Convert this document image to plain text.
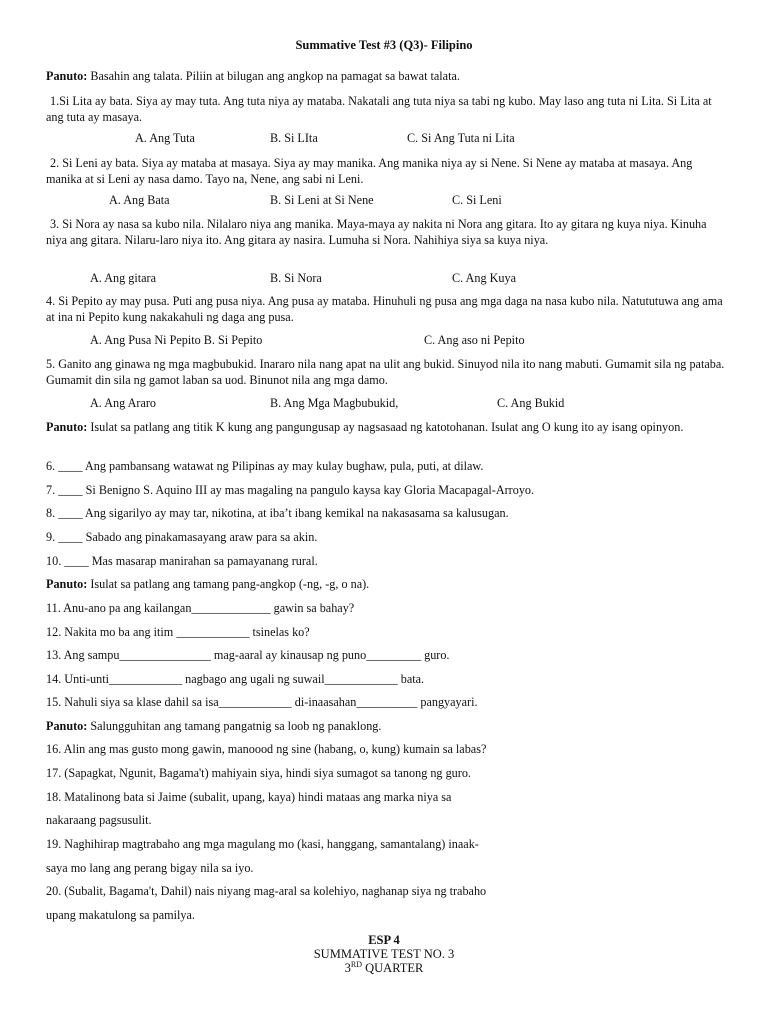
Summative Test #3 (Q3)- Filipino
Panuto: Basahin ang talata. Piliin at bilugan ang angkop na pamagat sa bawat talata.
1.Si Lita ay bata. Siya ay may tuta. Ang tuta niya ay mataba. Nakatali ang tuta niya sa tabi ng kubo. May laso ang tuta ni Lita. Si Lita at ang tuta ay masaya.
A. Ang Tuta	B. Si LIta	C. Si Ang Tuta ni Lita
2. Si Leni ay bata. Siya ay mataba at masaya. Siya ay may manika. Ang manika niya ay si Nene. Si Nene ay mataba at masaya. Ang manika at si Leni ay nasa damo. Tayo na, Nene, ang sabi ni Leni.
A. Ang Bata	B. Si Leni at Si Nene	C. Si Leni
3. Si Nora ay nasa sa kubo nila. Nilalaro niya ang manika. Maya-maya ay nakita ni Nora ang gitara. Ito ay gitara ng kuya niya. Kinuha niya ang gitara. Nilaru-laro niya ito. Ang gitara ay nasira. Lumuha si Nora. Nahihiya siya sa kuya niya.
A. Ang gitara	B. Si Nora	C. Ang Kuya
4. Si Pepito ay may pusa. Puti ang pusa niya. Ang pusa ay mataba. Hinuhuli ng pusa ang mga daga na nasa kubo nila. Natututuwa ang ama at ina ni Pepito kung nakakahuli ng daga ang pusa.
A. Ang Pusa Ni Pepito B. Si Pepito	C. Ang aso ni Pepito
5. Ganito ang ginawa ng mga magbubukid. Inararo nila nang apat na ulit ang bukid. Sinuyod nila ito nang mabuti. Gumamit sila ng pataba. Gumamit din sila ng gamot laban sa uod. Binunot nila ang mga damo.
A. Ang Araro	B. Ang Mga Magbubukid,	C. Ang Bukid
Panuto: Isulat sa patlang ang titik K kung ang pangungusap ay nagsasaad ng katotohanan. Isulat ang O kung ito ay isang opinyon.
6. ____ Ang pambansang watawat ng Pilipinas ay may kulay bughaw, pula, puti, at dilaw.
7. ____ Si Benigno S. Aquino III ay mas magaling na pangulo kaysa kay Gloria Macapagal-Arroyo.
8. ____ Ang sigarilyo ay may tar, nikotina, at iba’t ibang kemikal na nakasasama sa kalusugan.
9. ____ Sabado ang pinakamasayang araw para sa akin.
10. ____ Mas masarap manirahan sa pamayanang rural.
Panuto: Isulat sa patlang ang tamang pang-angkop (-ng, -g, o na).
11. Anu-ano pa ang kailangan_____________ gawin sa bahay?
12. Nakita mo ba ang itim ____________ tsinelas ko?
13. Ang sampu_______________ mag-aaral ay kinausap ng puno_________ guro.
14. Unti-unti____________ nagbago ang ugali ng suwail____________ bata.
15. Nahuli siya sa klase dahil sa isa____________ di-inaasahan__________ pangyayari.
Panuto: Salungguhitan ang tamang pangatnig sa loob ng panaklong.
16. Alin ang mas gusto mong gawin, manoood ng sine (habang, o, kung) kumain sa labas?
17. (Sapagkat, Ngunit, Bagama't) mahiyain siya, hindi siya sumagot sa tanong ng guro.
18. Matalinong bata si Jaime (subalit, upang, kaya) hindi mataas ang marka niya sa
nakaraang pagsusulit.
19. Naghihirap magtrabaho ang mga magulang mo (kasi, hanggang, samantalang) inaak-
saya mo lang ang perang bigay nila sa iyo.
20. (Subalit, Bagama't, Dahil) nais niyang mag-aral sa kolehiyo, naghanap siya ng trabaho
upang makatulong sa pamilya.
ESP 4
SUMMATIVE TEST NO. 3
3RD QUARTER
